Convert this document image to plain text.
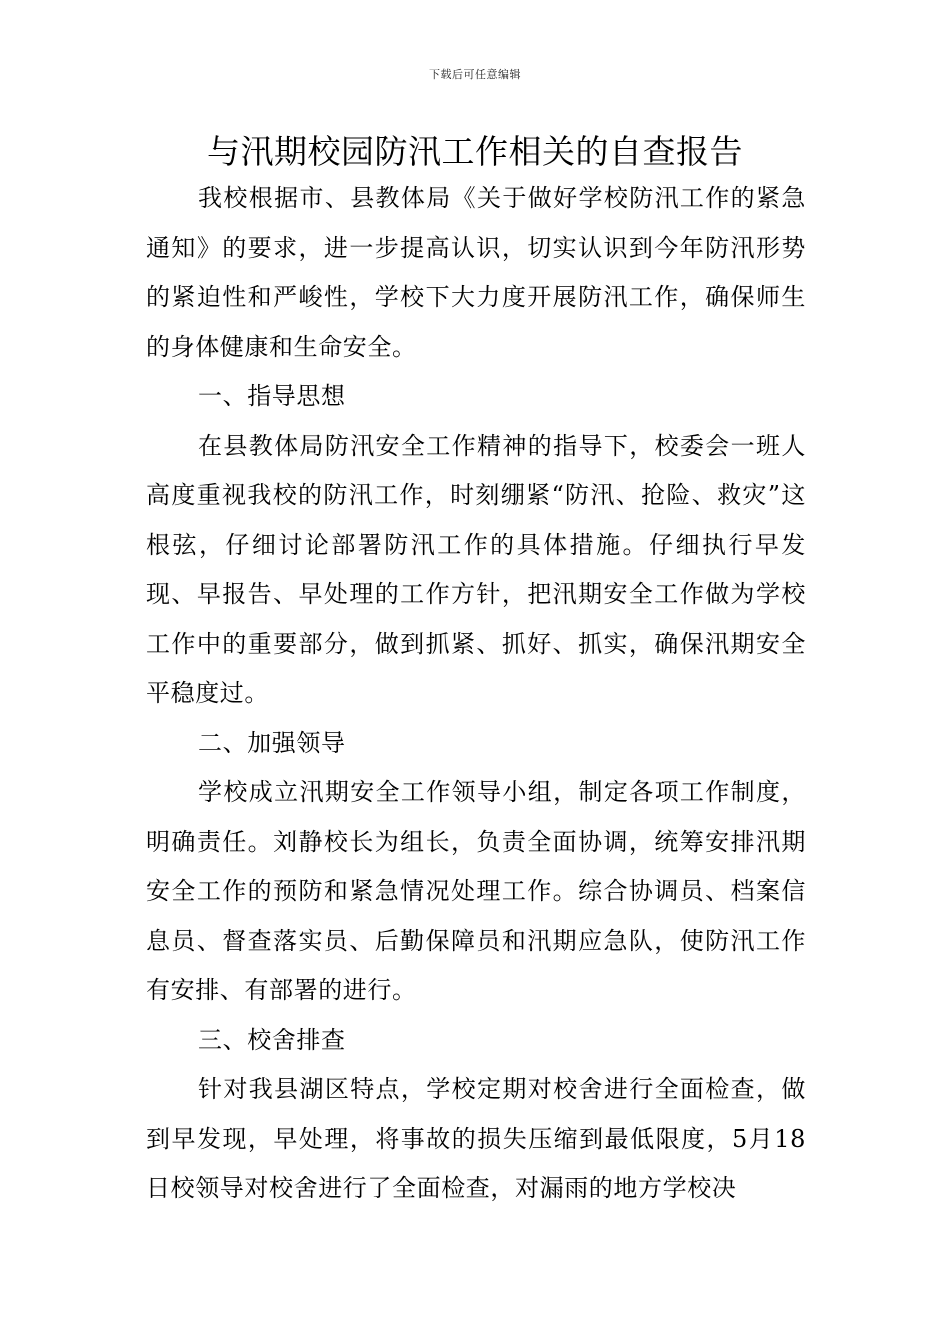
下载后可任意编辑
与汛期校园防汛工作相关的自查报告

我校根据市、县教体局《关于做好学校防汛工作的紧急通知》的要求，进一步提高认识，切实认识到今年防汛形势的紧迫性和严峻性，学校下大力度开展防汛工作，确保师生的身体健康和生命安全。

一、指导思想

在县教体局防汛安全工作精神的指导下，校委会一班人高度重视我校的防汛工作，时刻绷紧“防汛、抢险、救灾”这根弦，仔细讨论部署防汛工作的具体措施。仔细执行早发现、早报告、早处理的工作方针，把汛期安全工作做为学校工作中的重要部分，做到抓紧、抓好、抓实，确保汛期安全平稳度过。

二、加强领导

学校成立汛期安全工作领导小组，制定各项工作制度，明确责任。刘静校长为组长，负责全面协调，统筹安排汛期安全工作的预防和紧急情况处理工作。综合协调员、档案信息员、督查落实员、后勤保障员和汛期应急队，使防汛工作有安排、有部署的进行。

三、校舍排查

针对我县湖区特点，学校定期对校舍进行全面检查，做到早发现，早处理，将事故的损失压缩到最低限度，5月18日校领导对校舍进行了全面检查，对漏雨的地方学校决
